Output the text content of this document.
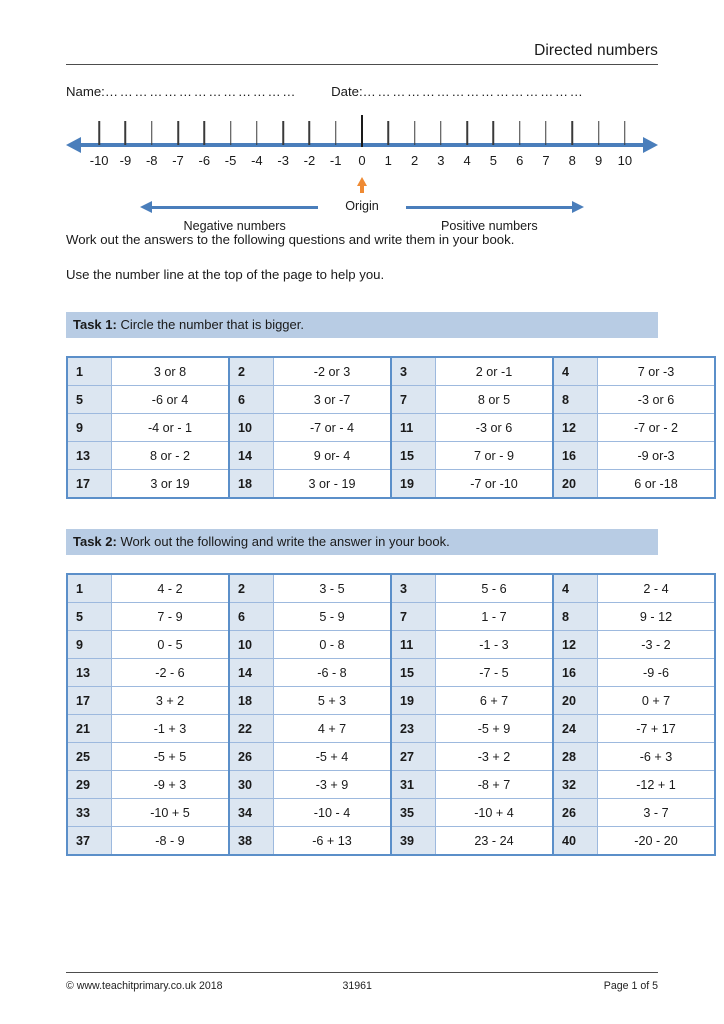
Directed numbers
Name: …………………………………	Date: ………………………………………
-10 -9 -8 -7 -6 -5 -4 -3 -2 -1 0 1 2 3 4 5 6 7 8 9 10
Negative numbers	Positive numbers
Origin
Work out the answers to the following questions and write them in your book.
Use the number line at the top of the page to help you.
Task 1: Circle the number that is bigger.
1	3 or 8	2	-2 or 3	3	2 or -1	4	7 or -3
5	-6 or 4	6	3 or -7	7	8 or 5	8	-3 or 6
9	-4 or - 1	10	-7 or - 4	11	-3 or 6	12	-7 or - 2
13	8 or - 2	14	9 or- 4	15	7 or - 9	16	-9 or-3
17	3 or 19	18	3 or - 19	19	-7 or -10	20	6 or -18
Task 2: Work out the following and write the answer in your book.
1	4 - 2	2	3 - 5	3	5 - 6	4	2 - 4
5	7 - 9	6	5 - 9	7	1 - 7	8	9 - 12
9	0 - 5	10	0 - 8	11	-1 - 3	12	-3 - 2
13	-2 - 6	14	-6 - 8	15	-7 - 5	16	-9 -6
17	3 + 2	18	5 + 3	19	6 + 7	20	0 + 7
21	-1 + 3	22	4 + 7	23	-5 + 9	24	-7 + 17
25	-5 + 5	26	-5 + 4	27	-3 + 2	28	-6 + 3
29	-9 + 3	30	-3 + 9	31	-8 + 7	32	-12 + 1
33	-10 + 5	34	-10 - 4	35	-10 + 4	26	3 - 7
37	-8 - 9	38	-6 + 13	39	23 - 24	40	-20 - 20
© www.teachitprimary.co.uk 2018	31961	Page 1 of 5
